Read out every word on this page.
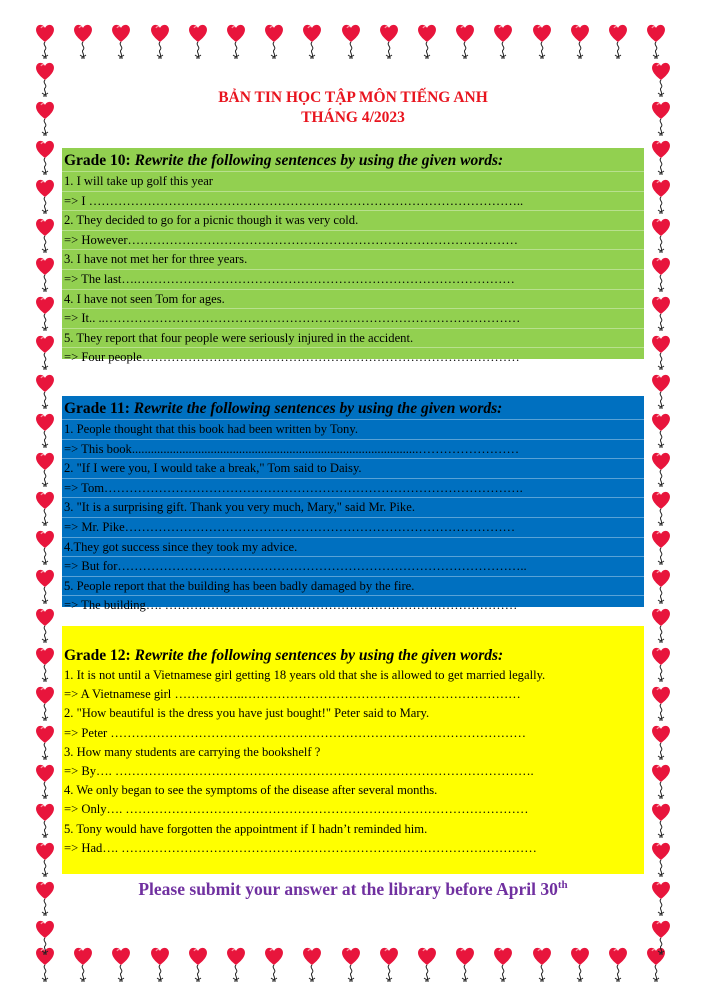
BẢN TIN HỌC TẬP MÔN TIẾNG ANH
THÁNG 4/2023
Grade 10: Rewrite the following sentences by using the given words:
1. I will take up golf this year
=> I …………………………………………………………………………………………..
2. They decided to go for a picnic though it was very cold.
=> However…………………………………………………………………………………
3. I have not met her for three years.
=> The last….………………………………………………………………………………
4. I have not seen Tom for ages.
=> It.. ..………………………………………………………………………………………
5. They report that four people were seriously injured in the accident.
=> Four people………………………………………………………………………………
Grade 11: Rewrite the following sentences by using the given words:
1. People thought that this book had been written by Tony.
=> This book...........................................................................................……………………
2. "If I were you, I would take a break," Tom said to Daisy.
=> Tom……………………………………………………………………………………….
3. "It is a surprising gift. Thank you very much, Mary," said Mr. Pike.
=> Mr. Pike…………………………………………………………………………………
4.They got success since they took my advice.
=> But for……………………………………………………………………………………..
5. People report that the building has been badly damaged by the fire.
=> The building…. …………………………………………………………………………
Grade 12: Rewrite the following sentences by using the given words:
1. It is not until a Vietnamese girl getting 18 years old that she is allowed to get married legally.
=> A Vietnamese girl ……………..…………………………………………………………
2. "How beautiful is the dress you have just bought!" Peter said to Mary.
=> Peter ………………………………………………………………………………………
3. How many students are carrying the bookshelf ?
=> By…. ……………………………………………………………………………………….
4. We only began to see the symptoms of the disease after several months.
=> Only…. ……………………………………………………………………………………
5. Tony would have forgotten the appointment if I hadn’t reminded him.
=> Had…. ………………………………………………………………………………………
Please submit your answer at the library before April 30th
